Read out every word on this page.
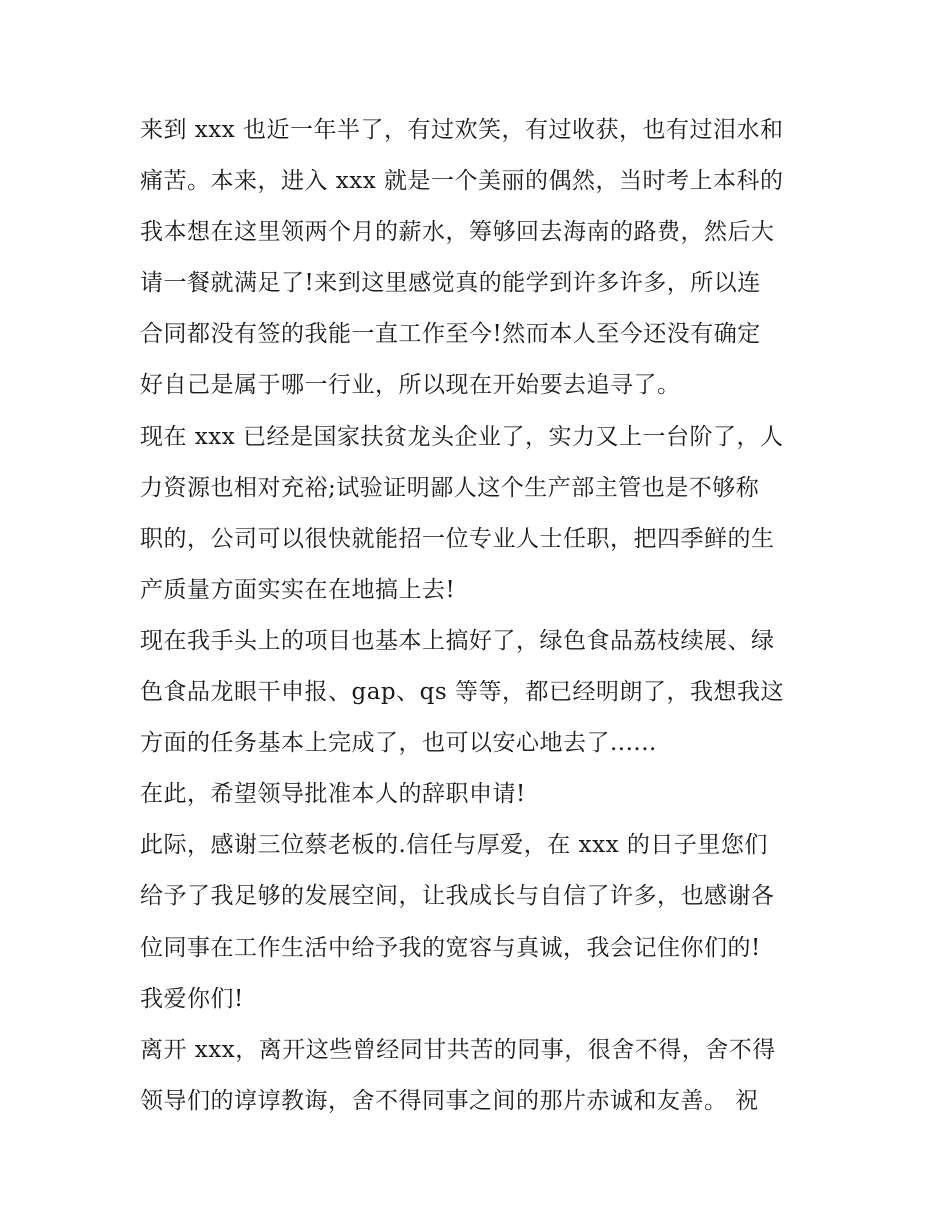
来到 xxx 也近一年半了，有过欢笑，有过收获，也有过泪水和
痛苦。本来，进入 xxx 就是一个美丽的偶然，当时考上本科的
我本想在这里领两个月的薪水，筹够回去海南的路费，然后大
请一餐就满足了!来到这里感觉真的能学到许多许多，所以连
合同都没有签的我能一直工作至今!然而本人至今还没有确定
好自己是属于哪一行业，所以现在开始要去追寻了。
现在 xxx 已经是国家扶贫龙头企业了，实力又上一台阶了，人
力资源也相对充裕;试验证明鄙人这个生产部主管也是不够称
职的，公司可以很快就能招一位专业人士任职，把四季鲜的生
产质量方面实实在在地搞上去!
现在我手头上的项目也基本上搞好了，绿色食品荔枝续展、绿
色食品龙眼干申报、gap、qs 等等，都已经明朗了，我想我这
方面的任务基本上完成了，也可以安心地去了......
在此，希望领导批准本人的辞职申请!
此际，感谢三位蔡老板的.信任与厚爱，在 xxx 的日子里您们
给予了我足够的发展空间，让我成长与自信了许多，也感谢各
位同事在工作生活中给予我的宽容与真诚，我会记住你们的!
我爱你们!
离开 xxx，离开这些曾经同甘共苦的同事，很舍不得，舍不得
领导们的谆谆教诲，舍不得同事之间的那片赤诚和友善。 祝
